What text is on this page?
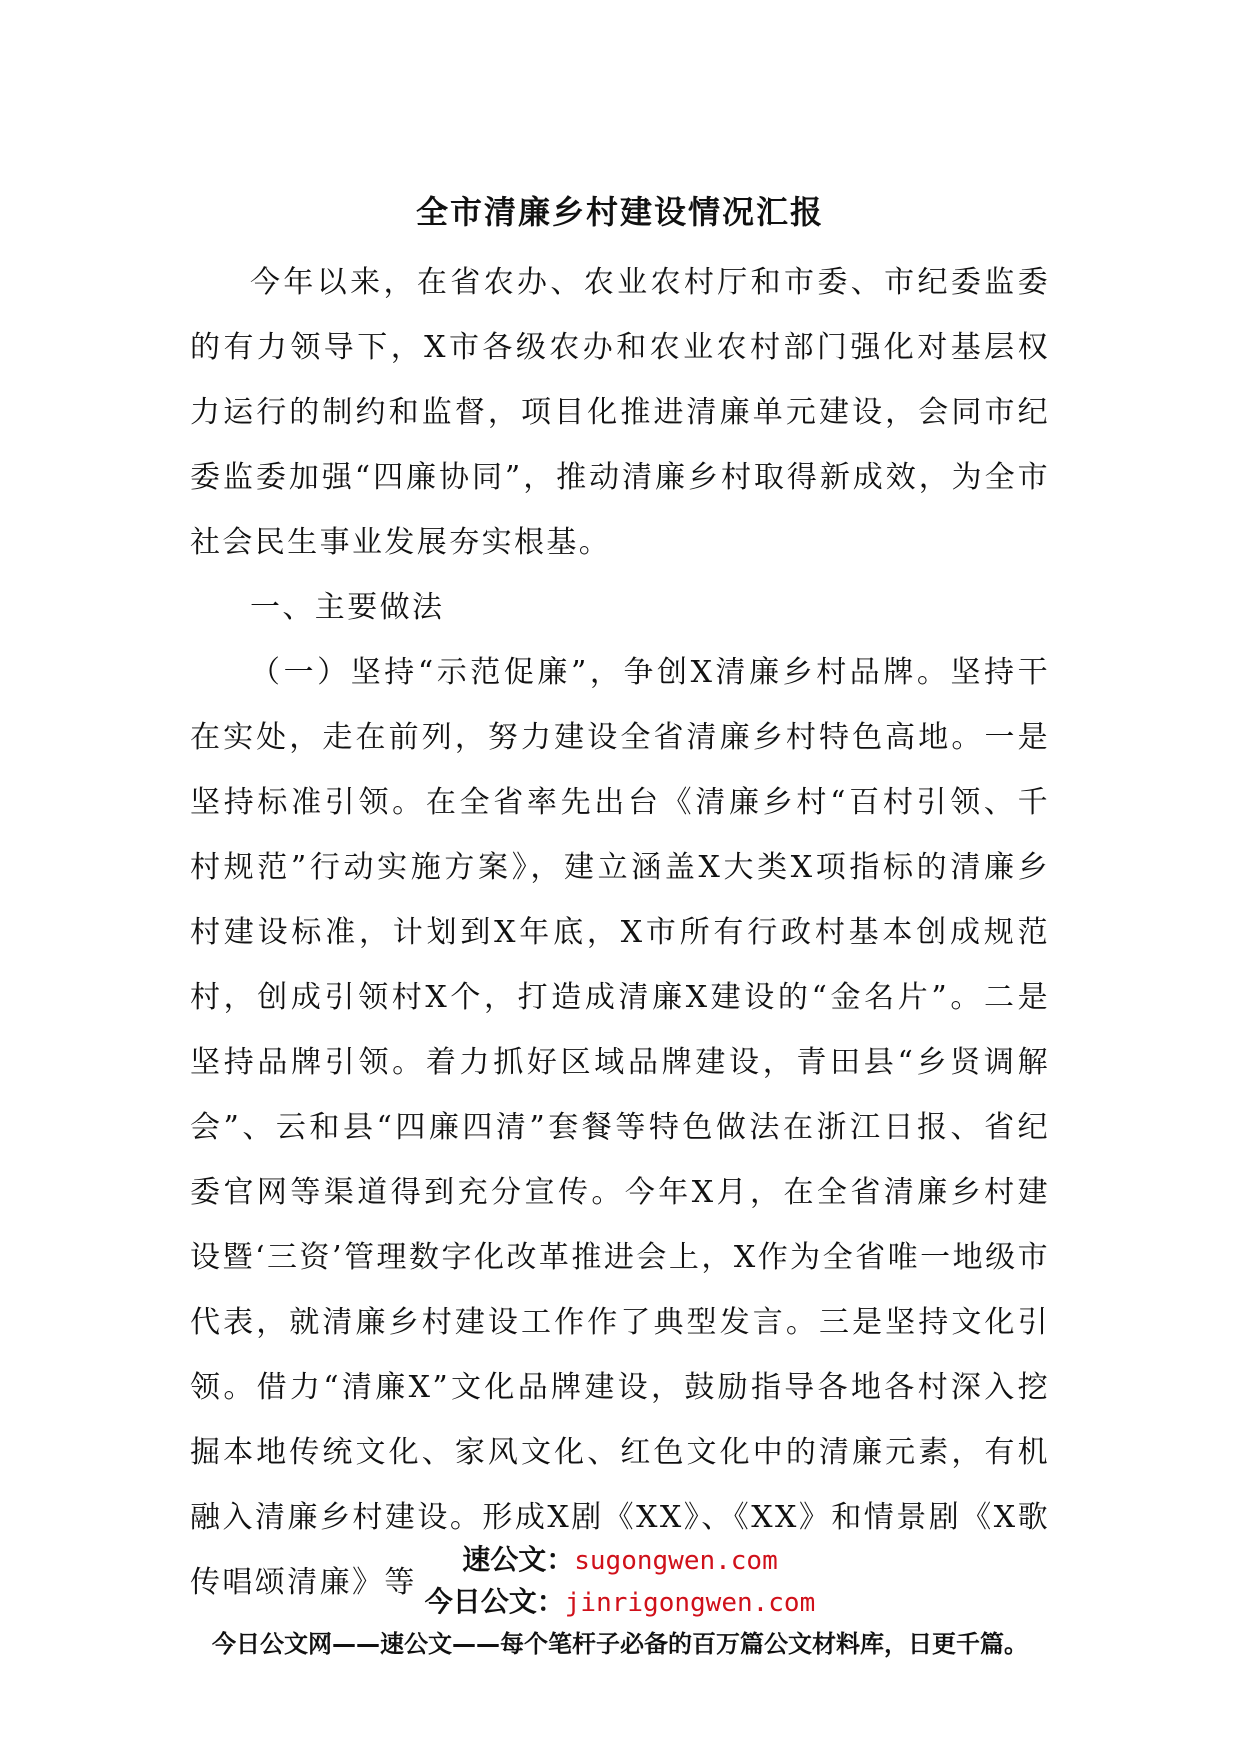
全市清廉乡村建设情况汇报

今年以来，在省农办、农业农村厅和市委、市纪委监委的有力领导下，X市各级农办和农业农村部门强化对基层权力运行的制约和监督，项目化推进清廉单元建设，会同市纪委监委加强“四廉协同”，推动清廉乡村取得新成效，为全市社会民生事业发展夯实根基。

一、主要做法

（一）坚持“示范促廉”，争创X清廉乡村品牌。坚持干在实处，走在前列，努力建设全省清廉乡村特色高地。一是坚持标准引领。在全省率先出台《清廉乡村“百村引领、千村规范”行动实施方案》，建立涵盖X大类X项指标的清廉乡村建设标准，计划到X年底，X市所有行政村基本创成规范村，创成引领村X个，打造成清廉X建设的“金名片”。二是坚持品牌引领。着力抓好区域品牌建设，青田县“乡贤调解会”、云和县“四廉四清”套餐等特色做法在浙江日报、省纪委官网等渠道得到充分宣传。今年X月，在全省清廉乡村建设暨‘三资’管理数字化改革推进会上，X作为全省唯一地级市代表，就清廉乡村建设工作作了典型发言。三是坚持文化引领。借力“清廉X”文化品牌建设，鼓励指导各地各村深入挖掘本地传统文化、家风文化、红色文化中的清廉元素，有机融入清廉乡村建设。形成X剧《XX》、《XX》和情景剧《X歌传唱颂清廉》等

速公文：sugongwen.com
今日公文：jinrigongwen.com
今日公文网——速公文——每个笔杆子必备的百万篇公文材料库，日更千篇。
